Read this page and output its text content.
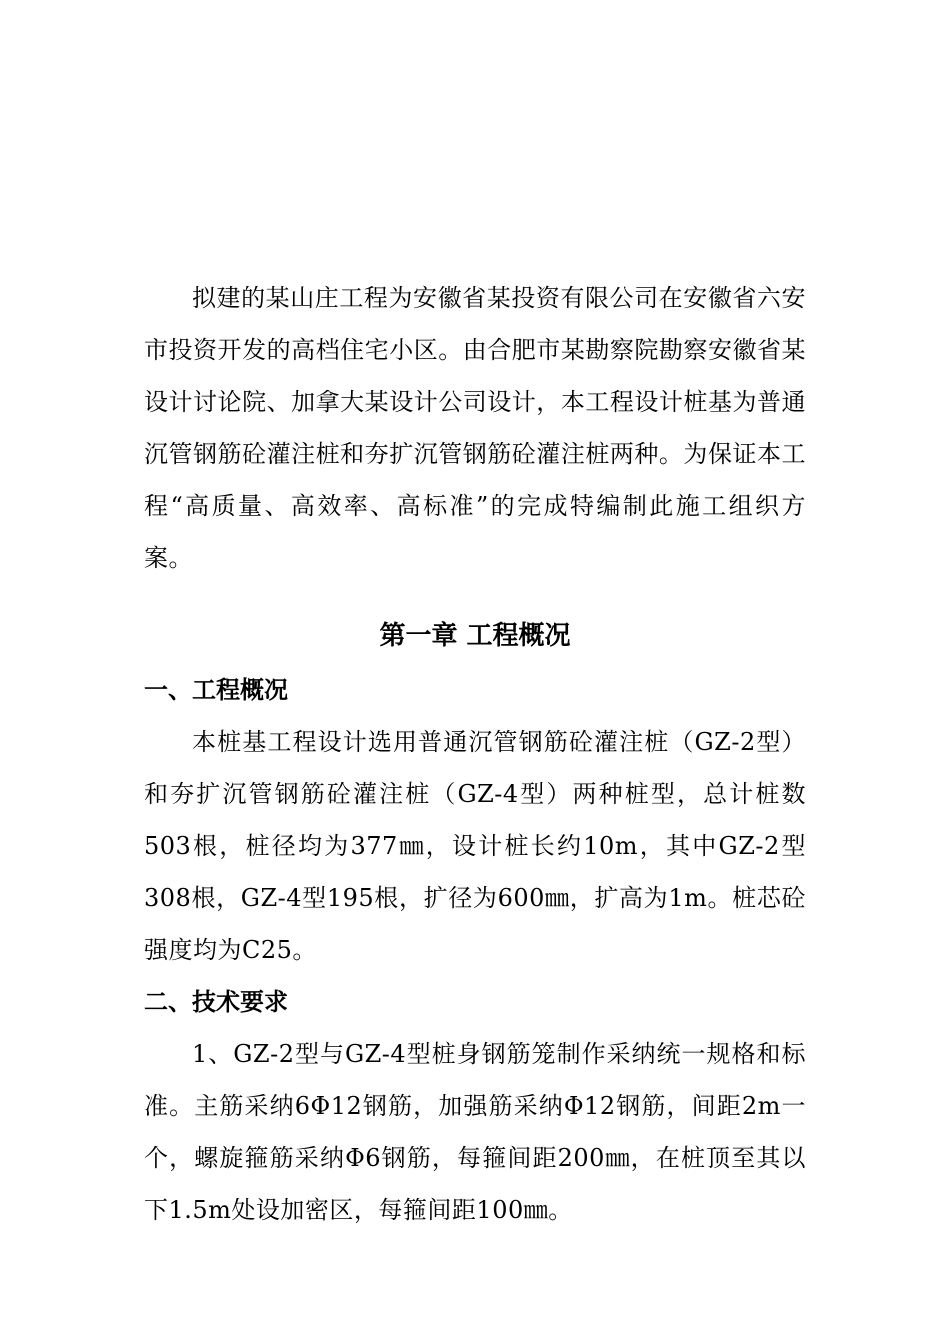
拟建的某山庄工程为安徽省某投资有限公司在安徽省六安市投资开发的高档住宅小区。由合肥市某勘察院勘察安徽省某设计讨论院、加拿大某设计公司设计，本工程设计桩基为普通沉管钢筋砼灌注桩和夯扩沉管钢筋砼灌注桩两种。为保证本工程“高质量、高效率、高标准”的完成特编制此施工组织方案。

第一章 工程概况
一、工程概况

本桩基工程设计选用普通沉管钢筋砼灌注桩（GZ-2型）和夯扩沉管钢筋砼灌注桩（GZ-4型）两种桩型，总计桩数503根，桩径均为377㎜，设计桩长约10m，其中GZ-2型308根，GZ-4型195根，扩径为600㎜，扩高为1m。桩芯砼强度均为C25。

二、技术要求

1、GZ-2型与GZ-4型桩身钢筋笼制作采纳统一规格和标准。主筋采纳6Φ12钢筋，加强筋采纳Φ12钢筋，间距2m一个，螺旋箍筋采纳Φ6钢筋，每箍间距200㎜，在桩顶至其以下1.5m处设加密区，每箍间距100㎜。
